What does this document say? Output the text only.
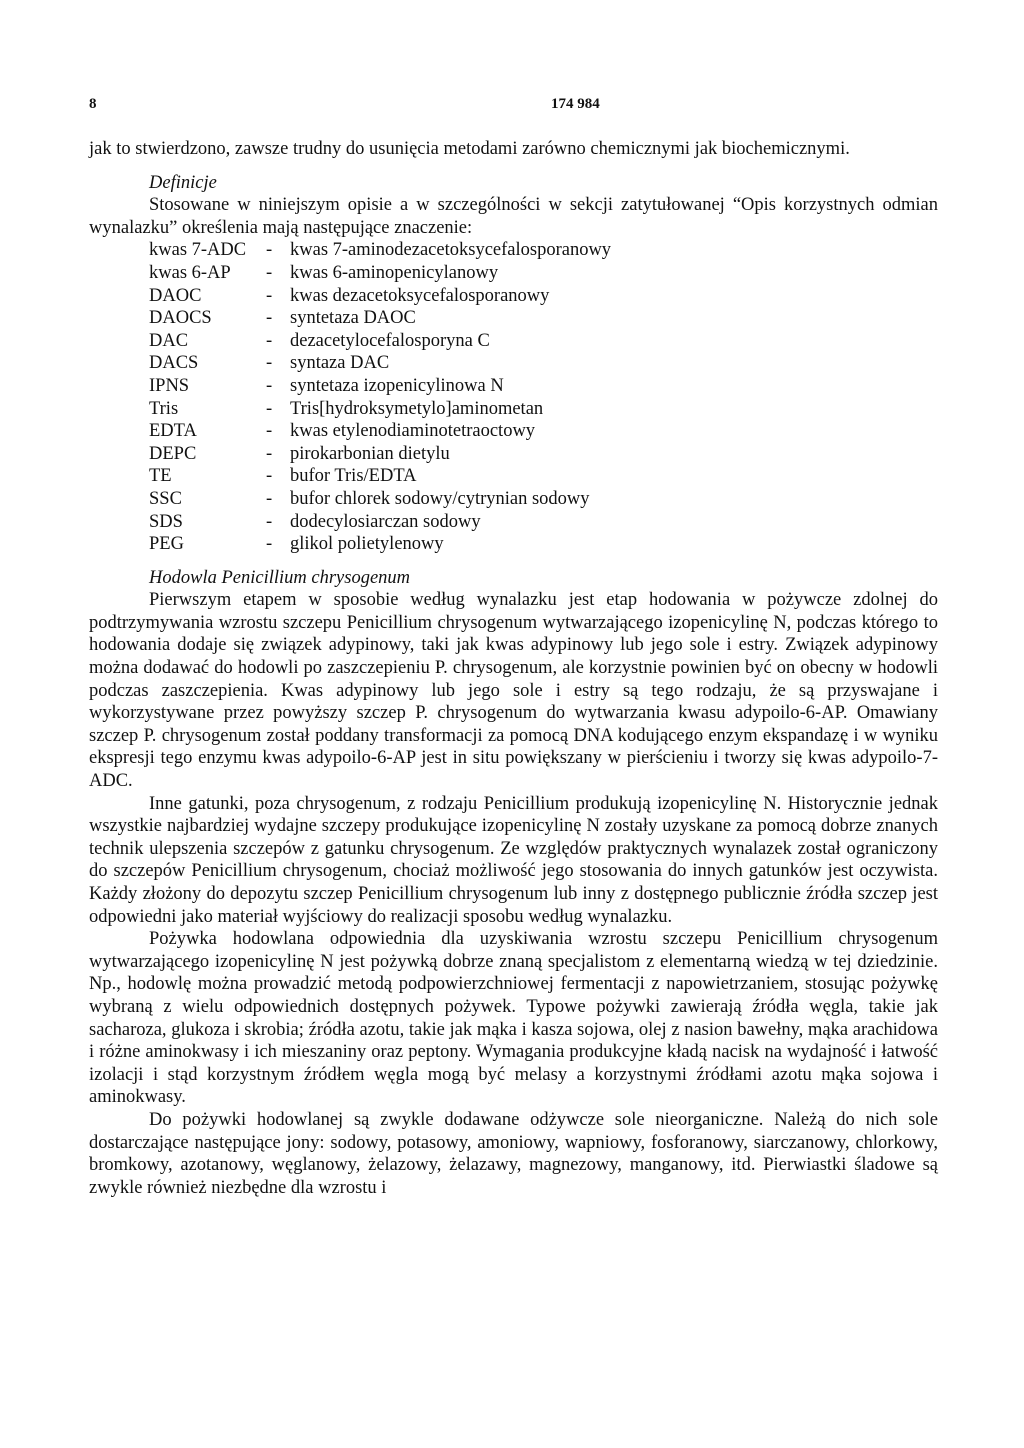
8	174 984

jak to stwierdzono, zawsze trudny do usunięcia metodami zarówno chemicznymi jak biochemicznymi.

Definicje

Stosowane w niniejszym opisie a w szczególności w sekcji zatytułowanej “Opis korzystnych odmian wynalazku” określenia mają następujące znaczenie:

kwas 7-ADC	- kwas 7-aminodezacetoksycefalosporanowy
kwas 6-AP	- kwas 6-aminopenicylanowy
DAOC	- kwas dezacetoksycefalosporanowy
DAOCS	- syntetaza DAOC
DAC	- dezacetylocefalosporyna C
DACS	- syntaza DAC
IPNS	- syntetaza izopenicylinowa N
Tris	- Tris[hydroksymetylo]aminometan
EDTA	- kwas etylenodiaminotetraoctowy
DEPC	- pirokarbonian dietylu
TE	- bufor Tris/EDTA
SSC	- bufor chlorek sodowy/cytrynian sodowy
SDS	- dodecylosiarczan sodowy
PEG	- glikol polietylenowy
Hodowla Penicillium chrysogenum

Pierwszym etapem w sposobie według wynalazku jest etap hodowania w pożywcze zdolnej do podtrzymywania wzrostu szczepu Penicillium chrysogenum wytwarzającego izopenicylinę N, podczas którego to hodowania dodaje się związek adypinowy, taki jak kwas adypinowy lub jego sole i estry. Związek adypinowy można dodawać do hodowli po zaszczepieniu P. chrysogenum, ale korzystnie powinien być on obecny w hodowli podczas zaszczepienia. Kwas adypinowy lub jego sole i estry są tego rodzaju, że są przyswajane i wykorzystywane przez powyższy szczep P. chrysogenum do wytwarzania kwasu adypoilo-6-AP. Omawiany szczep P. chrysogenum został poddany transformacji za pomocą DNA kodującego enzym ekspandazę i w wyniku ekspresji tego enzymu kwas adypoilo-6-AP jest in situ powiększany w pierścieniu i tworzy się kwas adypoilo-7-ADC.

Inne gatunki, poza chrysogenum, z rodzaju Penicillium produkują izopenicylinę N. Historycznie jednak wszystkie najbardziej wydajne szczepy produkujące izopenicylinę N zostały uzyskane za pomocą dobrze znanych technik ulepszenia szczepów z gatunku chrysogenum. Ze względów praktycznych wynalazek został ograniczony do szczepów Penicillium chrysogenum, chociaż możliwość jego stosowania do innych gatunków jest oczywista. Każdy złożony do depozytu szczep Penicillium chrysogenum lub inny z dostępnego publicznie źródła szczep jest odpowiedni jako materiał wyjściowy do realizacji sposobu według wynalazku.

Pożywka hodowlana odpowiednia dla uzyskiwania wzrostu szczepu Penicillium chrysogenum wytwarzającego izopenicylinę N jest pożywką dobrze znaną specjalistom z elementarną wiedzą w tej dziedzinie. Np., hodowlę można prowadzić metodą podpowierzchniowej fermentacji z napowietrzaniem, stosując pożywkę wybraną z wielu odpowiednich dostępnych pożywek. Typowe pożywki zawierają źródła węgla, takie jak sacharoza, glukoza i skrobia; źródła azotu, takie jak mąka i kasza sojowa, olej z nasion bawełny, mąka arachidowa i różne aminokwasy i ich mieszaniny oraz peptony. Wymagania produkcyjne kładą nacisk na wydajność i łatwość izolacji i stąd korzystnym źródłem węgla mogą być melasy a korzystnymi źródłami azotu mąka sojowa i aminokwasy.

Do pożywki hodowlanej są zwykle dodawane odżywcze sole nieorganiczne. Należą do nich sole dostarczające następujące jony: sodowy, potasowy, amoniowy, wapniowy, fosforanowy, siarczanowy, chlorkowy, bromkowy, azotanowy, węglanowy, żelazowy, żelazawy, magnezowy, manganowy, itd. Pierwiastki śladowe są zwykle również niezbędne dla wzrostu i
